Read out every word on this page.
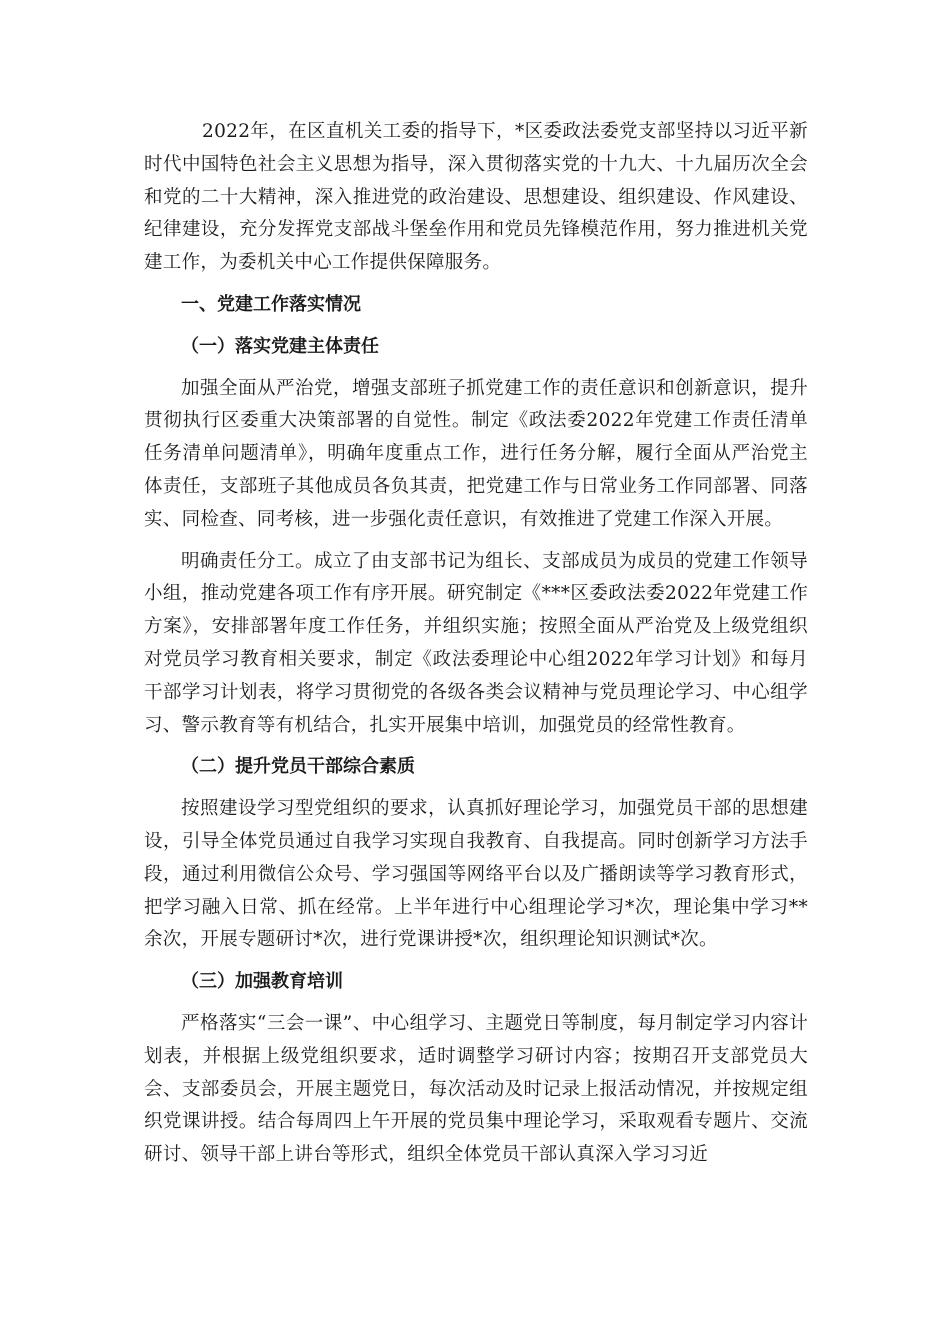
2022年，在区直机关工委的指导下，*区委政法委党支部坚持以习近平新时代中国特色社会主义思想为指导，深入贯彻落实党的十九大、十九届历次全会和党的二十大精神，深入推进党的政治建设、思想建设、组织建设、作风建设、纪律建设，充分发挥党支部战斗堡垒作用和党员先锋模范作用，努力推进机关党建工作，为委机关中心工作提供保障服务。

一、党建工作落实情况

（一）落实党建主体责任

加强全面从严治党，增强支部班子抓党建工作的责任意识和创新意识，提升贯彻执行区委重大决策部署的自觉性。制定《政法委2022年党建工作责任清单任务清单问题清单》，明确年度重点工作，进行任务分解，履行全面从严治党主体责任，支部班子其他成员各负其责，把党建工作与日常业务工作同部署、同落实、同检查、同考核，进一步强化责任意识，有效推进了党建工作深入开展。

明确责任分工。成立了由支部书记为组长、支部成员为成员的党建工作领导小组，推动党建各项工作有序开展。研究制定《***区委政法委2022年党建工作方案》，安排部署年度工作任务，并组织实施；按照全面从严治党及上级党组织对党员学习教育相关要求，制定《政法委理论中心组2022年学习计划》和每月干部学习计划表，将学习贯彻党的各级各类会议精神与党员理论学习、中心组学习、警示教育等有机结合，扎实开展集中培训，加强党员的经常性教育。

（二）提升党员干部综合素质

按照建设学习型党组织的要求，认真抓好理论学习，加强党员干部的思想建设，引导全体党员通过自我学习实现自我教育、自我提高。同时创新学习方法手段，通过利用微信公众号、学习强国等网络平台以及广播朗读等学习教育形式，把学习融入日常、抓在经常。上半年进行中心组理论学习*次，理论集中学习**余次，开展专题研讨*次，进行党课讲授*次，组织理论知识测试*次。

（三）加强教育培训

严格落实“三会一课”、中心组学习、主题党日等制度，每月制定学习内容计划表，并根据上级党组织要求，适时调整学习研讨内容；按期召开支部党员大会、支部委员会，开展主题党日，每次活动及时记录上报活动情况，并按规定组织党课讲授。结合每周四上午开展的党员集中理论学习，采取观看专题片、交流研讨、领导干部上讲台等形式，组织全体党员干部认真深入学习习近
